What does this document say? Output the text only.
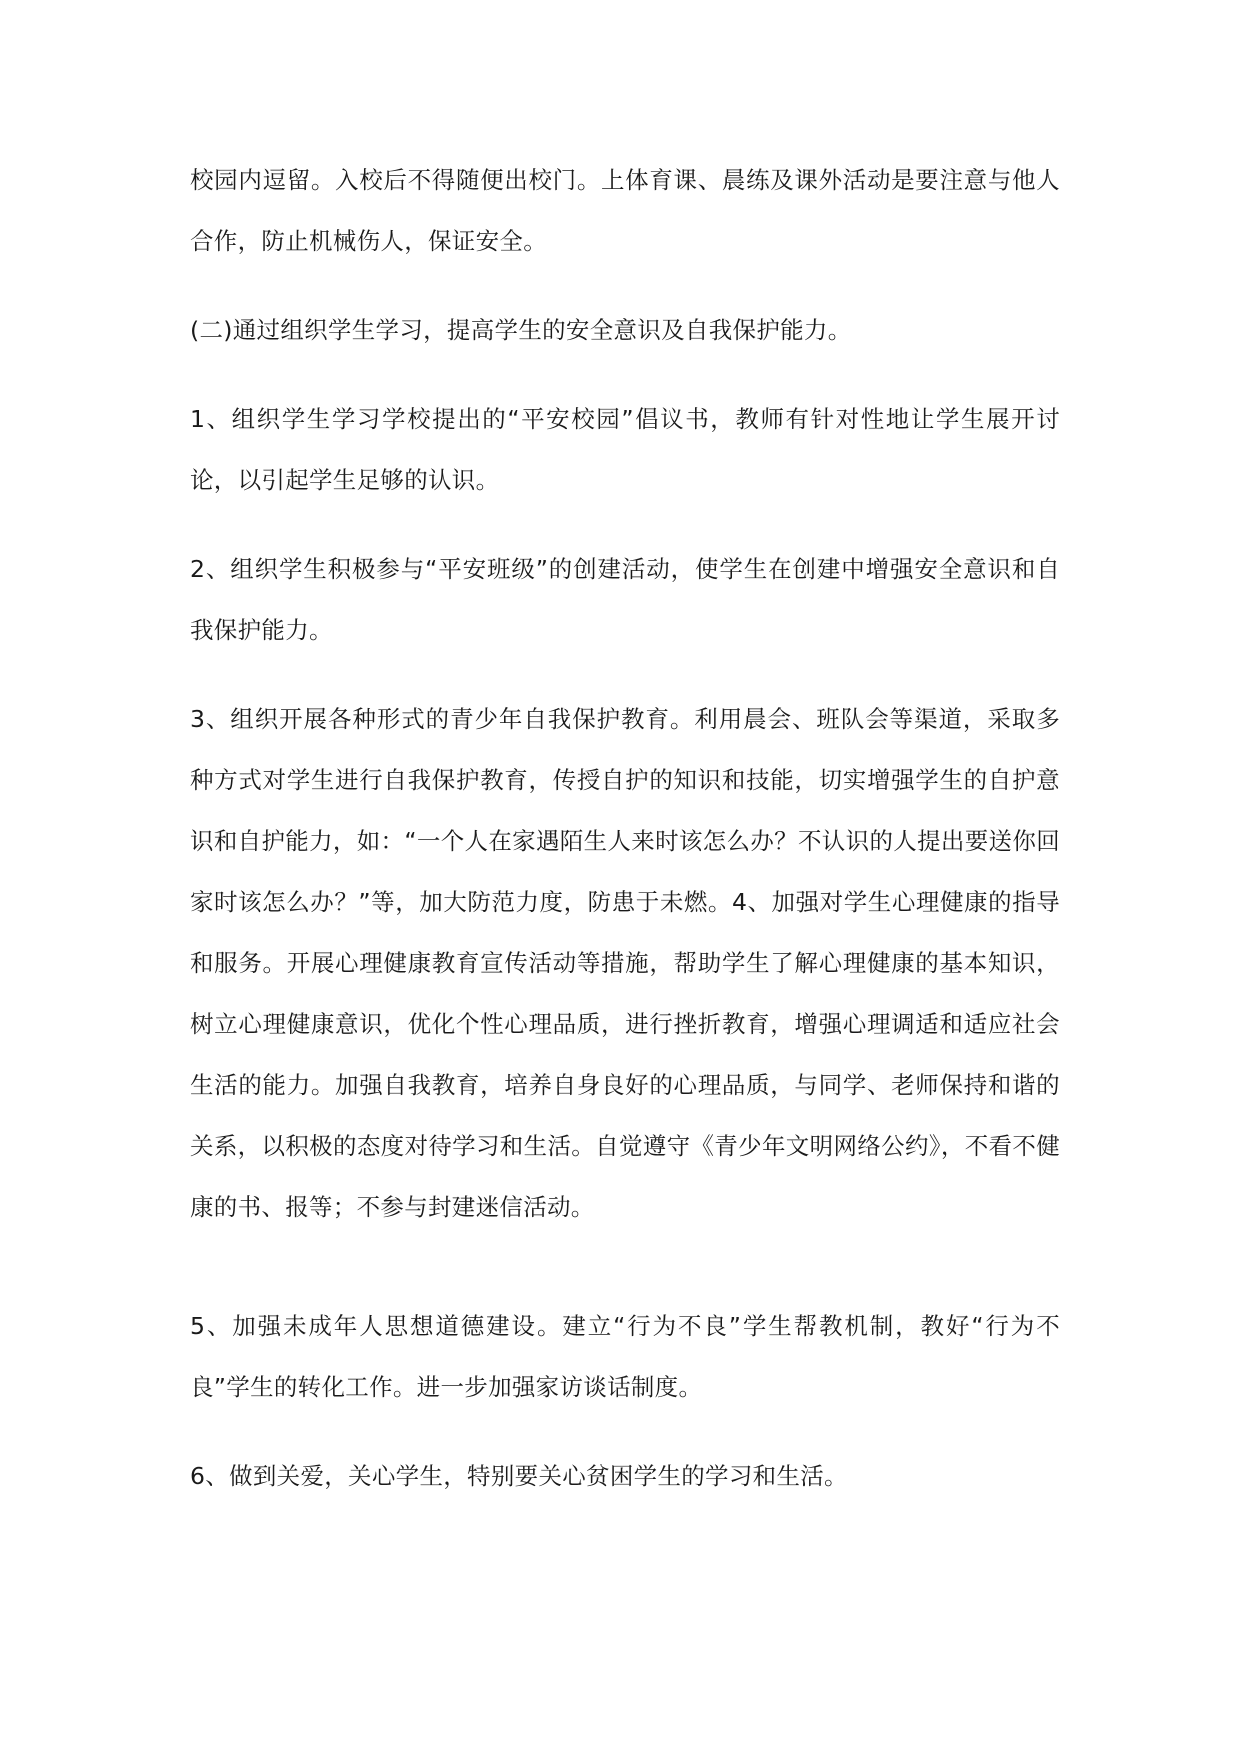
校园内逗留。入校后不得随便出校门。上体育课、晨练及课外活动是要注意与他人合作，防止机械伤人，保证安全。

(二)通过组织学生学习，提高学生的安全意识及自我保护能力。

1、组织学生学习学校提出的“平安校园”倡议书，教师有针对性地让学生展开讨论，以引起学生足够的认识。

2、组织学生积极参与“平安班级”的创建活动，使学生在创建中增强安全意识和自我保护能力。

3、组织开展各种形式的青少年自我保护教育。利用晨会、班队会等渠道，采取多种方式对学生进行自我保护教育，传授自护的知识和技能，切实增强学生的自护意识和自护能力，如：“一个人在家遇陌生人来时该怎么办？不认识的人提出要送你回家时该怎么办？”等，加大防范力度，防患于未燃。4、加强对学生心理健康的指导和服务。开展心理健康教育宣传活动等措施，帮助学生了解心理健康的基本知识，树立心理健康意识，优化个性心理品质，进行挫折教育，增强心理调适和适应社会生活的能力。加强自我教育，培养自身良好的心理品质，与同学、老师保持和谐的关系，以积极的态度对待学习和生活。自觉遵守《青少年文明网络公约》，不看不健康的书、报等；不参与封建迷信活动。

5、加强未成年人思想道德建设。建立“行为不良”学生帮教机制，教好“行为不良”学生的转化工作。进一步加强家访谈话制度。

6、做到关爱，关心学生，特别要关心贫困学生的学习和生活。
